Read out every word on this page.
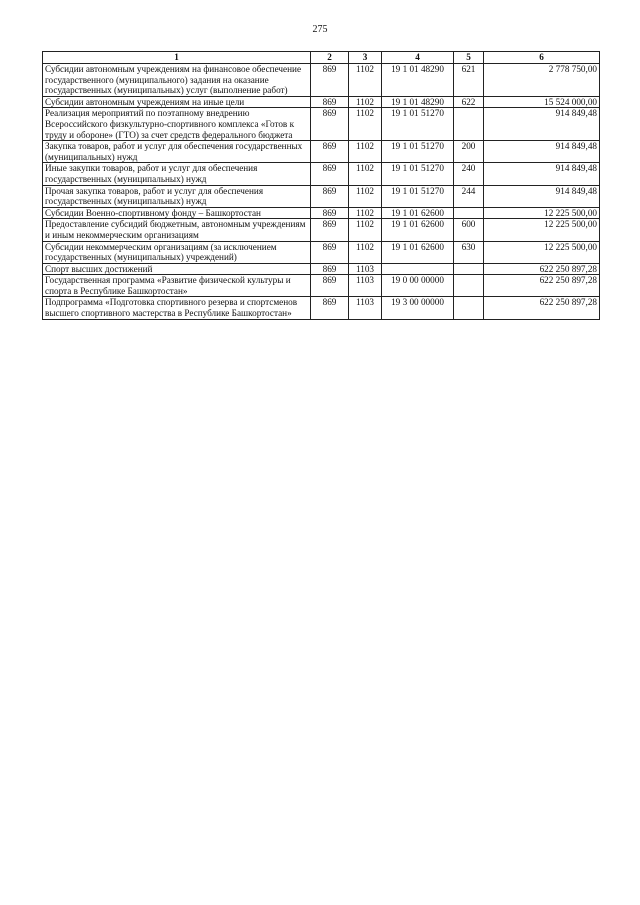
275
1	2	3	4	5	6
Субсидии автономным учреждениям на финансовое обеспечение государственного (муниципального) задания на оказание государственных (муниципальных) услуг (выполнение работ)	869	1102	19 1 01 48290	621	2 778 750,00
Субсидии автономным учреждениям на иные цели	869	1102	19 1 01 48290	622	15 524 000,00
Реализация мероприятий по поэтапному внедрению Всероссийского физкультурно-спортивного комплекса «Готов к труду и обороне» (ГТО) за счет средств федерального бюджета	869	1102	19 1 01 51270		914 849,48
Закупка товаров, работ и услуг для обеспечения государственных (муниципальных) нужд	869	1102	19 1 01 51270	200	914 849,48
Иные закупки товаров, работ и услуг для обеспечения государственных (муниципальных) нужд	869	1102	19 1 01 51270	240	914 849,48
Прочая закупка товаров, работ и услуг для обеспечения государственных (муниципальных) нужд	869	1102	19 1 01 51270	244	914 849,48
Субсидии Военно-спортивному фонду – Башкортостан	869	1102	19 1 01 62600		12 225 500,00
Предоставление субсидий бюджетным, автономным учреждениям и иным некоммерческим организациям	869	1102	19 1 01 62600	600	12 225 500,00
Субсидии некоммерческим организациям (за исключением государственных (муниципальных) учреждений)	869	1102	19 1 01 62600	630	12 225 500,00
Спорт высших достижений	869	1103			622 250 897,28
Государственная программа «Развитие физической культуры и спорта в Республике Башкортостан»	869	1103	19 0 00 00000		622 250 897,28
Подпрограмма «Подготовка спортивного резерва и спортсменов высшего спортивного мастерства в Республике Башкортостан»	869	1103	19 3 00 00000		622 250 897,28
